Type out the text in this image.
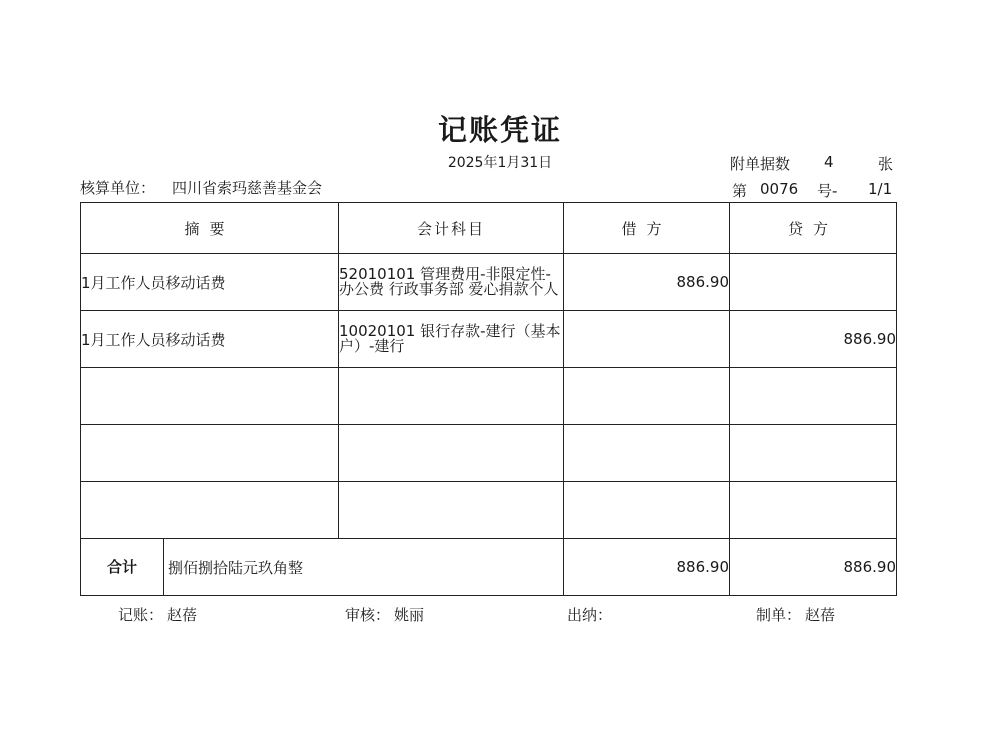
记账凭证
2025年1月31日	附单据数 4	张
核算单位： 四川省索玛慈善基金会	第 0076 号- 1/1
摘要	会计科目	借方	贷方
1月工作人员移动话费	52010101 管理费用-非限定性-办公费 行政事务部 爱心捐款个人	886.90	
1月工作人员移动话费	10020101 银行存款-建行（基本户）-建行		886.90

合计 捌佰捌拾陆元玖角整		886.90	886.90
记账： 赵蓓	审核： 姚丽	出纳：	制单： 赵蓓
